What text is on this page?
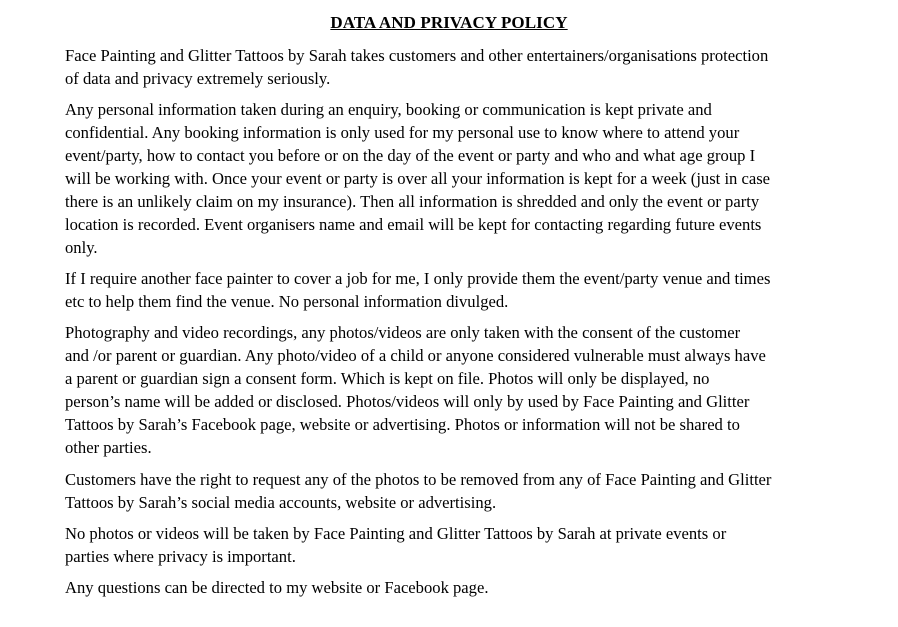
DATA AND PRIVACY POLICY

Face Painting and Glitter Tattoos by Sarah takes customers and other entertainers/organisations protection
of data and privacy extremely seriously.

Any personal information taken during an enquiry, booking or communication is kept private and
confidential. Any booking information is only used for my personal use to know where to attend your
event/party, how to contact you before or on the day of the event or party and who and what age group I
will be working with. Once your event or party is over all your information is kept for a week (just in case
there is an unlikely claim on my insurance). Then all information is shredded and only the event or party
location is recorded. Event organisers name and email will be kept for contacting regarding future events
only.

If I require another face painter to cover a job for me, I only provide them the event/party venue and times
etc to help them find the venue. No personal information divulged.

Photography and video recordings, any photos/videos are only taken with the consent of the customer
and /or parent or guardian. Any photo/video of a child or anyone considered vulnerable must always have
a parent or guardian sign a consent form. Which is kept on file. Photos will only be displayed, no
person’s name will be added or disclosed. Photos/videos will only by used by Face Painting and Glitter
Tattoos by Sarah’s Facebook page, website or advertising. Photos or information will not be shared to
other parties.

Customers have the right to request any of the photos to be removed from any of Face Painting and Glitter
Tattoos by Sarah’s social media accounts, website or advertising.

No photos or videos will be taken by Face Painting and Glitter Tattoos by Sarah at private events or
parties where privacy is important.

Any questions can be directed to my website or Facebook page.
